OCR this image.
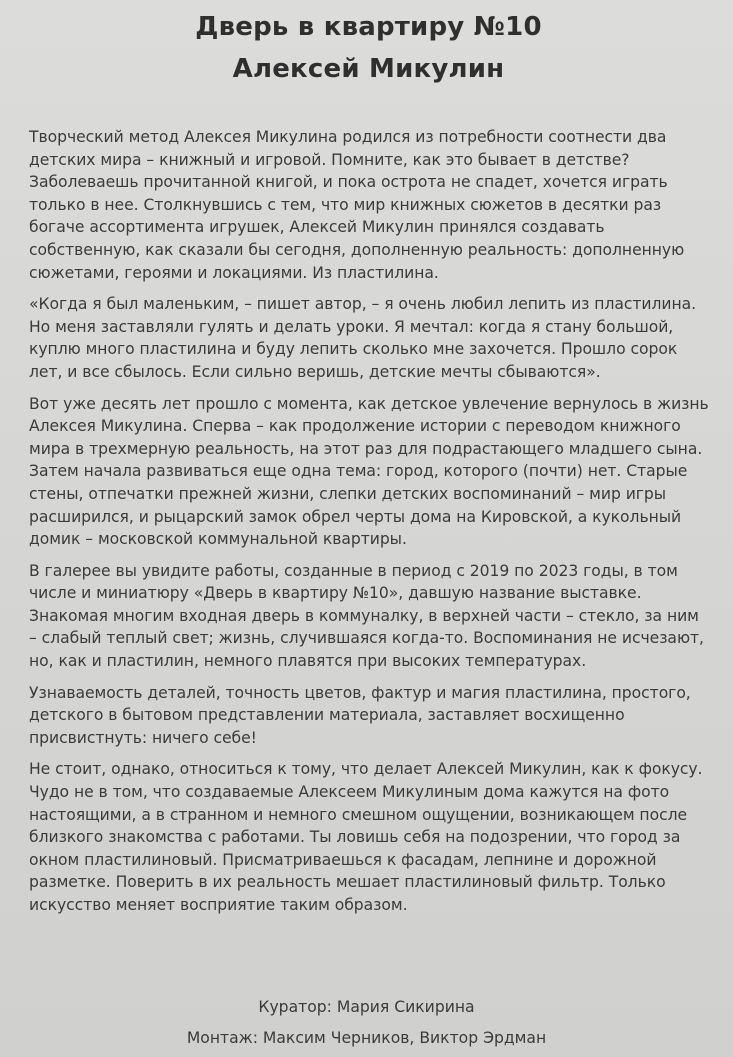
Дверь в квартиру №10
Алексей Микулин

Творческий метод Алексея Микулина родился из потребности соотнести два детских мира – книжный и игровой. Помните, как это бывает в детстве? Заболеваешь прочитанной книгой, и пока острота не спадет, хочется играть только в нее. Столкнувшись с тем, что мир книжных сюжетов в десятки раз богаче ассортимента игрушек, Алексей Микулин принялся создавать собственную, как сказали бы сегодня, дополненную реальность: дополненную сюжетами, героями и локациями. Из пластилина.

«Когда я был маленьким, – пишет автор, – я очень любил лепить из пластилина. Но меня заставляли гулять и делать уроки. Я мечтал: когда я стану большой, куплю много пластилина и буду лепить сколько мне захочется. Прошло сорок лет, и все сбылось. Если сильно веришь, детские мечты сбываются».

Вот уже десять лет прошло с момента, как детское увлечение вернулось в жизнь Алексея Микулина. Сперва – как продолжение истории с переводом книжного мира в трехмерную реальность, на этот раз для подрастающего младшего сына. Затем начала развиваться еще одна тема: город, которого (почти) нет. Старые стены, отпечатки прежней жизни, слепки детских воспоминаний – мир игры расширился, и рыцарский замок обрел черты дома на Кировской, а кукольный домик – московской коммунальной квартиры.

В галерее вы увидите работы, созданные в период с 2019 по 2023 годы, в том числе и миниатюру «Дверь в квартиру №10», давшую название выставке. Знакомая многим входная дверь в коммуналку, в верхней части – стекло, за ним – слабый теплый свет; жизнь, случившаяся когда-то. Воспоминания не исчезают, но, как и пластилин, немного плавятся при высоких температурах.

Узнаваемость деталей, точность цветов, фактур и магия пластилина, простого, детского в бытовом представлении материала, заставляет восхищенно присвистнуть: ничего себе!

Не стоит, однако, относиться к тому, что делает Алексей Микулин, как к фокусу. Чудо не в том, что создаваемые Алексеем Микулиным дома кажутся на фото настоящими, а в странном и немного смешном ощущении, возникающем после близкого знакомства с работами. Ты ловишь себя на подозрении, что город за окном пластилиновый. Присматриваешься к фасадам, лепнине и дорожной разметке. Поверить в их реальность мешает пластилиновый фильтр. Только искусство меняет восприятие таким образом.

Куратор: Мария Сикирина
Монтаж: Максим Черников, Виктор Эрдман
